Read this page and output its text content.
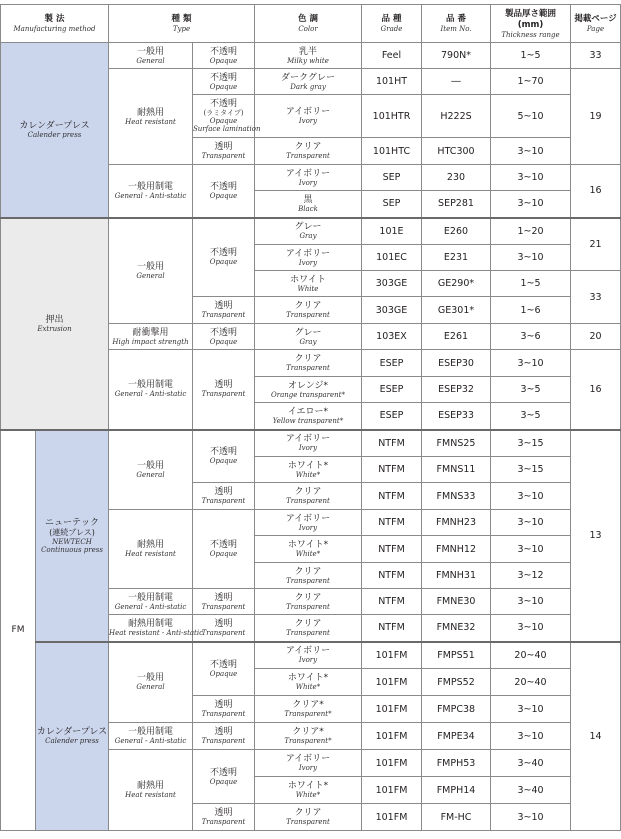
製 法
Manufacturing method		種 類
Type		色 調
Color	品 種
Grade	品 番
Item No.	製品厚さ範囲
(mm)
Thickness range	掲載ページ
Page

カレンダープレス
Calender press		一般用
General	不透明
Opaque	乳半
Milky white	Feel	790N*	1~5	33

		耐熱用
Heat resistant	不透明
Opaque	ダークグレー
Dark gray	101HT	―	1~70	19

			不透明
(ラミタイプ)
Opaque
Surface lamination	アイボリー
Ivory	101HTR	H222S	5~10	

			透明
Transparent	クリア
Transparent	101HTC	HTC300	3~10	

		一般用制電
General - Anti-static	不透明
Opaque	アイボリー
Ivory	SEP	230	3~10	16

				黒
Black	SEP	SEP281	3~10	

押出
Extrusion		一般用
General	不透明
Opaque	グレー
Gray	101E	E260	1~20	21

				アイボリー
Ivory	101EC	E231	3~10	

				ホワイト
White	303GE	GE290*	1~5	33

			透明
Transparent	クリア
Transparent	303GE	GE301*	1~6	

		耐衝撃用
High impact strength	不透明
Opaque	グレー
Gray	103EX	E261	3~6	20

		一般用制電
General - Anti-static	透明
Transparent	クリア
Transparent	ESEP	ESEP30	3~10	16

				オレンジ*
Orange transparent*	ESEP	ESEP32	3~5	

				イエロー*
Yellow transparent*	ESEP	ESEP33	3~5	

FM	ニューテック
(連続プレス)
NEWTECH
Continuous press	一般用
General	不透明
Opaque	アイボリー
Ivory	NTFM	FMNS25	3~15	13

				ホワイト*
White*	NTFM	FMNS11	3~15	

			透明
Transparent	クリア
Transparent	NTFM	FMNS33	3~10	

		耐熱用
Heat resistant	不透明
Opaque	アイボリー
Ivory	NTFM	FMNH23	3~10	

				ホワイト*
White*	NTFM	FMNH12	3~10	

				クリア
Transparent	NTFM	FMNH31	3~12	

		一般用制電
General - Anti-static	透明
Transparent	クリア
Transparent	NTFM	FMNE30	3~10	

		耐熱用制電
Heat resistant - Anti-static	透明
Transparent	クリア
Transparent	NTFM	FMNE32	3~10	

	カレンダープレス
Calender press	一般用
General	不透明
Opaque	アイボリー
Ivory	101FM	FMPS51	20~40	14

				ホワイト*
White*	101FM	FMPS52	20~40	

			透明
Transparent	クリア*
Transparent*	101FM	FMPC38	3~10	

		一般用制電
General - Anti-static	透明
Transparent	クリア*
Transparent*	101FM	FMPE34	3~10	

		耐熱用
Heat resistant	不透明
Opaque	アイボリー
Ivory	101FM	FMPH53	3~40	

				ホワイト*
White*	101FM	FMPH14	3~40	

			透明
Transparent	クリア
Transparent	101FM	FM-HC	3~10	
